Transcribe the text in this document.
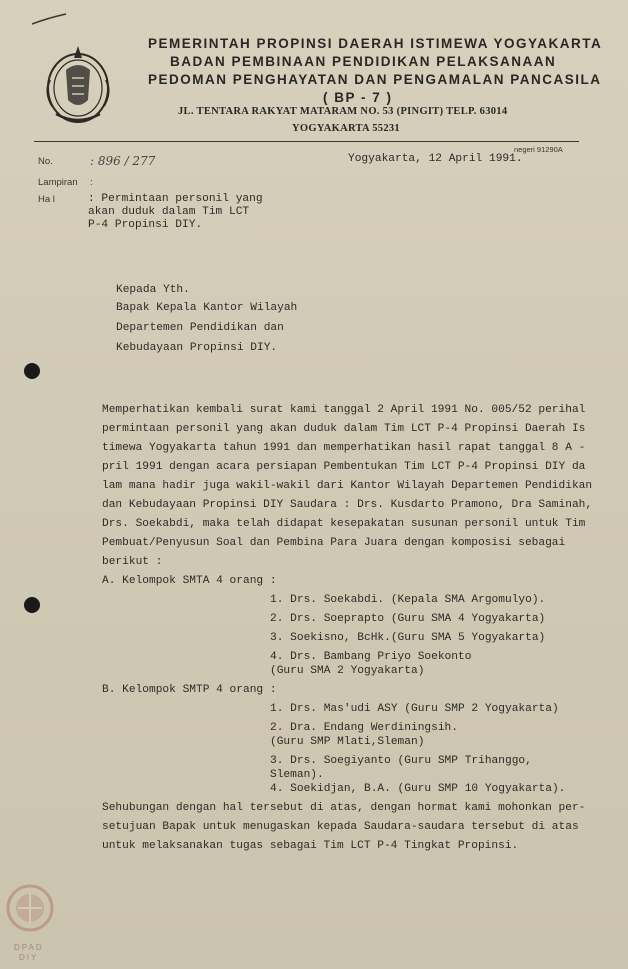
PEMERINTAH PROPINSI DAERAH ISTIMEWA YOGYAKARTA
BADAN PEMBINAAN PENDIDIKAN PELAKSANAAN
PEDOMAN PENGHAYATAN DAN PENGAMALAN PANCASILA
( BP - 7 )
JL. TENTARA RAKYAT MATARAM NO. 53 (PINGIT) TELP. 63014
YOGYAKARTA 55231
negeri 91290A
No.	: 896 / 277	Yogyakarta, 12 April 1991.
Lampiran :
Ha l	: Permintaan personil yang
akan duduk dalam Tim LCT
P-4 Propinsi DIY.
Kepada Yth.
Bapak Kepala Kantor Wilayah
Departemen Pendidikan dan
Kebudayaan Propinsi DIY.
Memperhatikan kembali surat kami tanggal 2 April 1991 No. 005/52 perihal
permintaan personil yang akan duduk dalam Tim LCT P-4 Propinsi Daerah Is
timewa Yogyakarta tahun 1991 dan memperhatikan hasil rapat tanggal 8 A -
pril 1991 dengan acara persiapan Pembentukan Tim LCT P-4 Propinsi DIY da
lam mana hadir juga wakil-wakil dari Kantor Wilayah Departemen Pendidikan
dan Kebudayaan Propinsi DIY Saudara : Drs. Kusdarto Pramono, Dra Saminah,
Drs. Soekabdi, maka telah didapat kesepakatan susunan personil untuk Tim
Pembuat/Penyusun Soal dan Pembina Para Juara dengan komposisi sebagai
berikut :
A. Kelompok SMTA 4 orang :
1. Drs. Soekabdi. (Kepala SMA Argomulyo).
2. Drs. Soeprapto (Guru SMA 4 Yogyakarta)
3. Soekisno, BcHk.(Guru SMA 5 Yogyakarta)
4. Drs. Bambang Priyo Soekonto
(Guru SMA 2 Yogyakarta)
B. Kelompok SMTP 4 orang :
1. Drs. Mas'udi ASY (Guru SMP 2 Yogyakarta)
2. Dra. Endang Werdiningsih.
(Guru SMP Mlati,Sleman)
3. Drs. Soegiyanto (Guru SMP Trihanggo,
Sleman).
4. Soekidjan, B.A. (Guru SMP 10 Yogyakarta).
Sehubungan dengan hal tersebut di atas, dengan hormat kami mohonkan per-
setujuan Bapak untuk menugaskan kepada Saudara-saudara tersebut di atas
untuk melaksanakan tugas sebagai Tim LCT P-4 Tingkat Propinsi.
DPAD
DIY
